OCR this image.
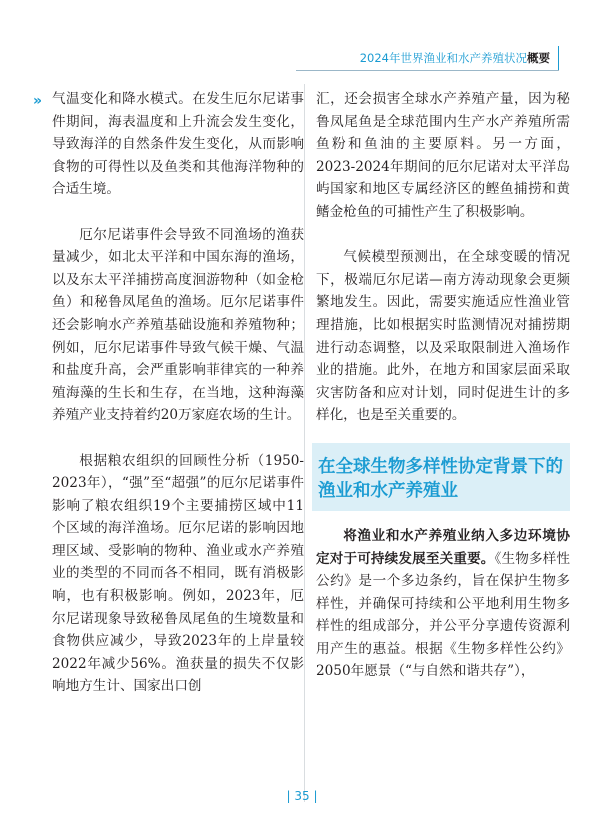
2024年世界渔业和水产养殖状况概要
» 气温变化和降水模式。在发生厄尔尼诺事件期间，海表温度和上升流会发生变化，导致海洋的自然条件发生变化，从而影响食物的可得性以及鱼类和其他海洋物种的合适生境。

厄尔尼诺事件会导致不同渔场的渔获量减少，如北太平洋和中国东海的渔场，以及东太平洋捕捞高度洄游物种（如金枪鱼）和秘鲁凤尾鱼的渔场。厄尔尼诺事件还会影响水产养殖基础设施和养殖物种；例如，厄尔尼诺事件导致气候干燥、气温和盐度升高，会严重影响菲律宾的一种养殖海藻的生长和生存，在当地，这种海藻养殖产业支持着约20万家庭农场的生计。

根据粮农组织的回顾性分析（1950-2023年），“强”至“超强”的厄尔尼诺事件影响了粮农组织19个主要捕捞区域中11个区域的海洋渔场。厄尔尼诺的影响因地理区域、受影响的物种、渔业或水产养殖业的类型的不同而各不相同，既有消极影响，也有积极影响。例如，2023年，厄尔尼诺现象导致秘鲁凤尾鱼的生境数量和食物供应减少，导致2023年的上岸量较2022年减少56%。渔获量的损失不仅影响地方生计、国家出口创

汇，还会损害全球水产养殖产量，因为秘鲁凤尾鱼是全球范围内生产水产养殖所需鱼粉和鱼油的主要原料。另一方面，2023-2024年期间的厄尔尼诺对太平洋岛屿国家和地区专属经济区的鲣鱼捕捞和黄鳍金枪鱼的可捕性产生了积极影响。

气候模型预测出，在全球变暖的情况下，极端厄尔尼诺—南方涛动现象会更频繁地发生。因此，需要实施适应性渔业管理措施，比如根据实时监测情况对捕捞期进行动态调整，以及采取限制进入渔场作业的措施。此外，在地方和国家层面采取灾害防备和应对计划，同时促进生计的多样化，也是至关重要的。

在全球生物多样性协定背景下的渔业和水产养殖业

将渔业和水产养殖业纳入多边环境协定对于可持续发展至关重要。《生物多样性公约》是一个多边条约，旨在保护生物多样性，并确保可持续和公平地利用生物多样性的组成部分，并公平分享遗传资源利用产生的惠益。根据《生物多样性公约》2050年愿景（“与自然和谐共存”），

| 35 |
